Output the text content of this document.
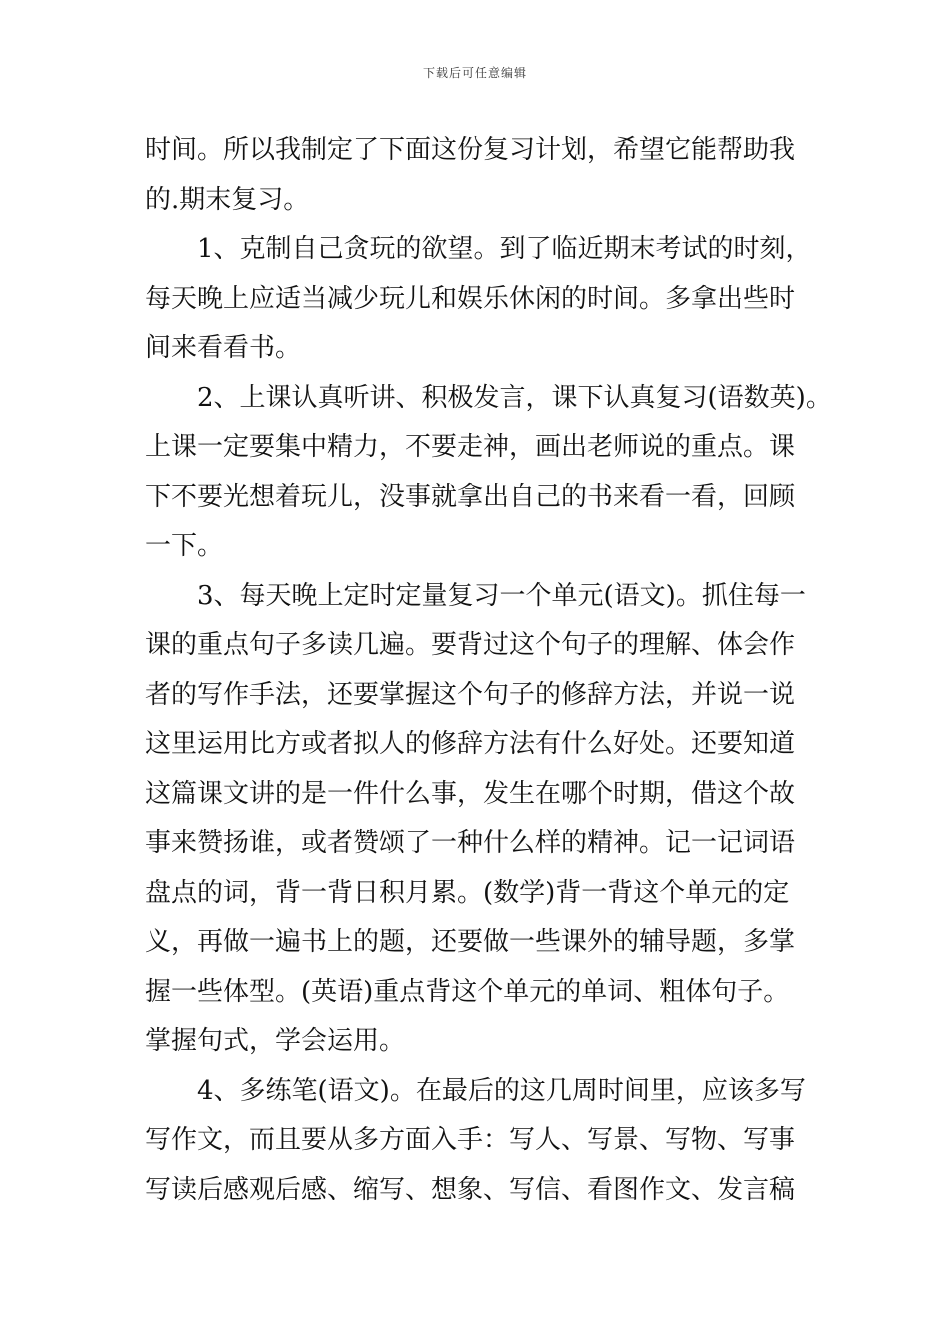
下载后可任意编辑
时间。所以我制定了下面这份复习计划，希望它能帮助我
的.期末复习。
1、克制自己贪玩的欲望。到了临近期末考试的时刻，
每天晚上应适当减少玩儿和娱乐休闲的时间。多拿出些时
间来看看书。
2、上课认真听讲、积极发言，课下认真复习(语数英)。
上课一定要集中精力，不要走神，画出老师说的重点。课
下不要光想着玩儿，没事就拿出自己的书来看一看，回顾
一下。
3、每天晚上定时定量复习一个单元(语文)。抓住每一
课的重点句子多读几遍。要背过这个句子的理解、体会作
者的写作手法，还要掌握这个句子的修辞方法，并说一说
这里运用比方或者拟人的修辞方法有什么好处。还要知道
这篇课文讲的是一件什么事，发生在哪个时期，借这个故
事来赞扬谁，或者赞颂了一种什么样的精神。记一记词语
盘点的词，背一背日积月累。(数学)背一背这个单元的定
义，再做一遍书上的题，还要做一些课外的辅导题，多掌
握一些体型。(英语)重点背这个单元的单词、粗体句子。
掌握句式，学会运用。
4、多练笔(语文)。在最后的这几周时间里，应该多写
写作文，而且要从多方面入手：写人、写景、写物、写事
写读后感观后感、缩写、想象、写信、看图作文、发言稿
